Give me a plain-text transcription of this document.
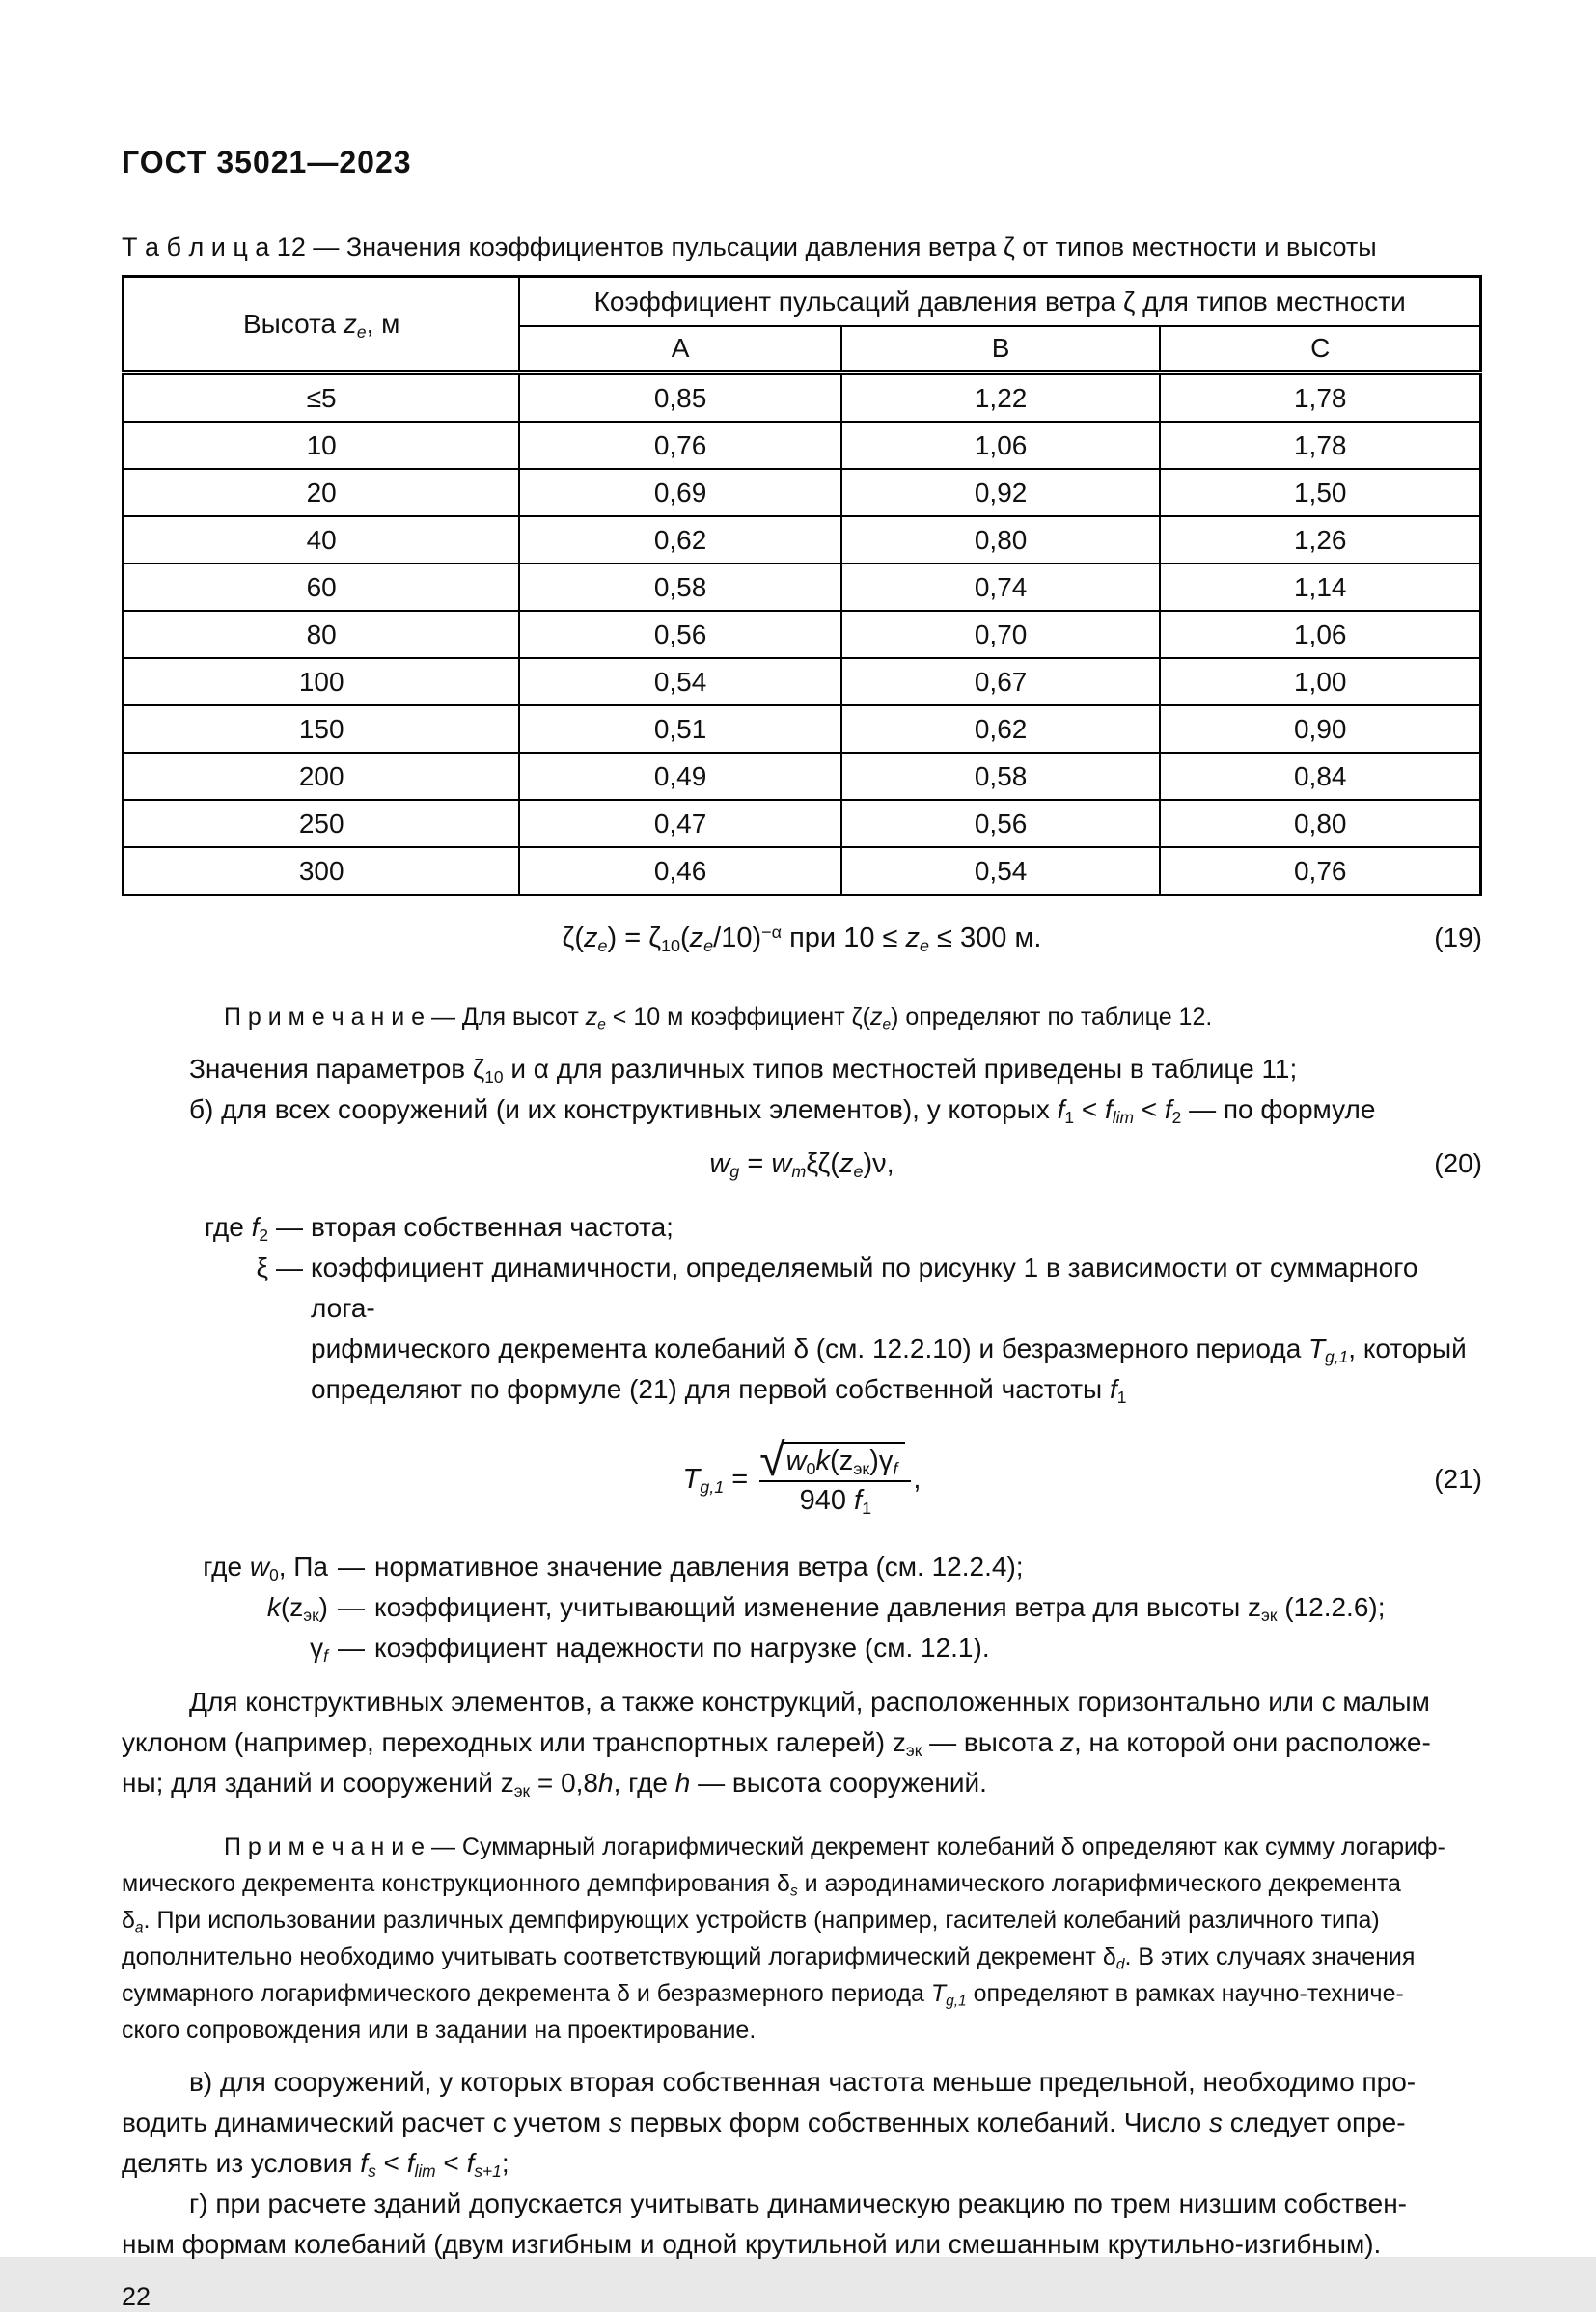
ГОСТ 35021—2023
Т а б л и ц а 12 — Значения коэффициентов пульсации давления ветра ζ от типов местности и высоты
Высота $z_e$, м	Коэффициент пульсаций давления ветра ζ для типов местности		
	А	В	С
≤5	0,85	1,22	1,78
10	0,76	1,06	1,78
20	0,69	0,92	1,50
40	0,62	0,80	1,26
60	0,58	0,74	1,14
80	0,56	0,70	1,06
100	0,54	0,67	1,00
150	0,51	0,62	0,90
200	0,49	0,58	0,84
250	0,47	0,56	0,80
300	0,46	0,54	0,76
$\zeta(z_e) = \zeta_{10}(z_e/10)^{-\alpha}$ при $10 \le z_e \le 300$ м.	(19)
П р и м е ч а н и е — Для высот $z_e < 10$ м коэффициент $\zeta(z_e)$ определяют по таблице 12.
Значения параметров $\zeta_{10}$ и α для различных типов местностей приведены в таблице 11;
б) для всех сооружений (и их конструктивных элементов), у которых $f_1 < f_{lim} < f_2$ — по формуле
$w_g = w_m\xi\zeta(z_e)\nu$,	(20)
где $f_2$ — вторая собственная частота;
ξ — коэффициент динамичности, определяемый по рисунку 1 в зависимости от суммарного лога-
рифмического декремента колебаний δ (см. 12.2.10) и безразмерного периода $T_{g,1}$, который
определяют по формуле (21) для первой собственной частоты $f_1$
$T_{g,1} = \frac{√ w_0k(z_{эк})\gamma_f}{940 f_1}$ ,	(21)
где $w_0$, Па — нормативное значение давления ветра (см. 12.2.4);
$k(z_{эк})$ — коэффициент, учитывающий изменение давления ветра для высоты $z_{эк}$ (12.2.6);
$\gamma_f$ — коэффициент надежности по нагрузке (см. 12.1).
Для конструктивных элементов, а также конструкций, расположенных горизонтально или с малым
уклоном (например, переходных или транспортных галерей) $z_{эк}$ — высота z, на которой они расположе-
ны; для зданий и сооружений $z_{эк} = 0,8h$, где h — высота сооружений.
П р и м е ч а н и е — Суммарный логарифмический декремент колебаний δ определяют как сумму логариф-
мического декремента конструкционного демпфирования $\delta_s$ и аэродинамического логарифмического декремента
$\delta_a$. При использовании различных демпфирующих устройств (например, гасителей колебаний различного типа)
дополнительно необходимо учитывать соответствующий логарифмический декремент $\delta_d$. В этих случаях значения
суммарного логарифмического декремента δ и безразмерного периода $T_{g,1}$ определяют в рамках научно-техниче-
ского сопровождения или в задании на проектирование.
в) для сооружений, у которых вторая собственная частота меньше предельной, необходимо про-
водить динамический расчет с учетом s первых форм собственных колебаний. Число s следует опре-
делять из условия $f_s < f_{lim} < f_{s+1}$;
г) при расчете зданий допускается учитывать динамическую реакцию по трем низшим собствен-
ным формам колебаний (двум изгибным и одной крутильной или смешанным крутильно-изгибным).
22
